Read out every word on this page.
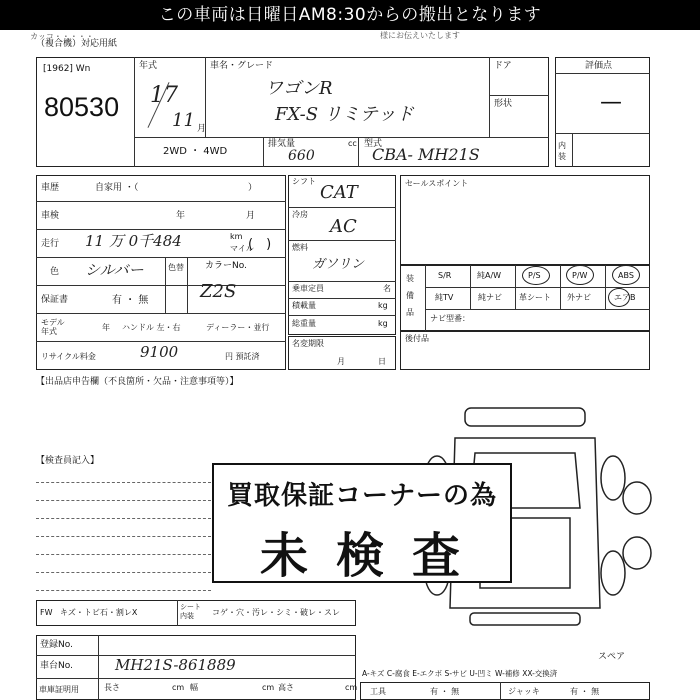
この車両は日曜日AM8:30からの搬出となります
カッコ・・・・・	様にお伝えいたします
（複合機）対応用紙
[1962] Wn
80530
年式
17
11 月
車名・グレード
ワゴンR
FX-S リミテッド
ドア
形状
2WD ・ 4WD
排気量
660
cc 型式
CBA- MH21S
評価点
—
内装
車歴	自家用 ・（	）
車検	年	月
走行 11 万 0千484	km
マイル
(　)
色 シルバー	色替 カラーNo.
Z2S
保証書	有 ・ 無
モデル年式	年 ハンドル 左・右	ディーラー・並行
リサイクル料金	9100	円 預託済
シフト
CAT
冷房
AC
燃料
ガソリン
乗車定員	名
積載量	kg
総重量	kg
名変期限
月	日
セールスポイント
装備品
S/R	純A/W	P/S	P/W	ABS
純TV	純ナビ 革シート 外ナビ	エアB
ナビ型番：
後付品
【出品店申告欄（不良箇所・欠品・注意事項等）】
【検査員記入】
買取保証コーナーの為
未検査
スペア
FW キズ・トビ石・割レX
シート内装	コゲ・穴・汚レ・シミ・破レ・スレ
登録No.
車台No.	MH21S-861889
車庫証明用	長さ	cm 幅	cm 高さ	cm
A-キズ C-腐食 E-エクボ S-サビ U-凹ミ W-補修 XX-交換済
工具	有 ・ 無	ジャッキ	有 ・ 無
